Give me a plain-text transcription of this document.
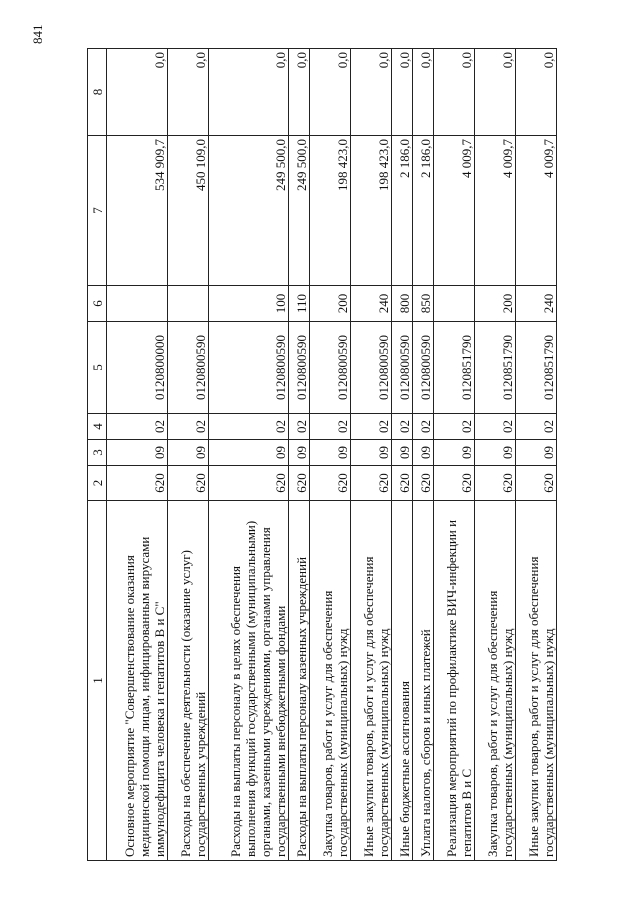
841
1	2	3	4	5	6	7	8
Основное мероприятие "Совершенствование оказания медицинской помощи лицам, инфицированным вирусами иммунодефицита человека и гепатитов В и С"	620	09	02	0120800000		534 909,7	0,0
Расходы на обеспечение деятельности (оказание услуг) государственных учреждений	620	09	02	0120800590		450 109,0	0,0
Расходы на выплаты персоналу в целях обеспечения выполнения функций государственными (муниципальными) органами, казенными учреждениями, органами управления государственными внебюджетными фондами	620	09	02	0120800590	100	249 500,0	0,0
Расходы на выплаты персоналу казенных учреждений	620	09	02	0120800590	110	249 500,0	0,0
Закупка товаров, работ и услуг для обеспечения государственных (муниципальных) нужд	620	09	02	0120800590	200	198 423,0	0,0
Иные закупки товаров, работ и услуг для обеспечения государственных (муниципальных) нужд	620	09	02	0120800590	240	198 423,0	0,0
Иные бюджетные ассигнования	620	09	02	0120800590	800	2 186,0	0,0
Уплата налогов, сборов и иных платежей	620	09	02	0120800590	850	2 186,0	0,0
Реализация мероприятий по профилактике ВИЧ-инфекции и гепатитов В и С	620	09	02	0120851790		4 009,7	0,0
Закупка товаров, работ и услуг для обеспечения государственных (муниципальных) нужд	620	09	02	0120851790	200	4 009,7	0,0
Иные закупки товаров, работ и услуг для обеспечения государственных (муниципальных) нужд	620	09	02	0120851790	240	4 009,7	0,0
